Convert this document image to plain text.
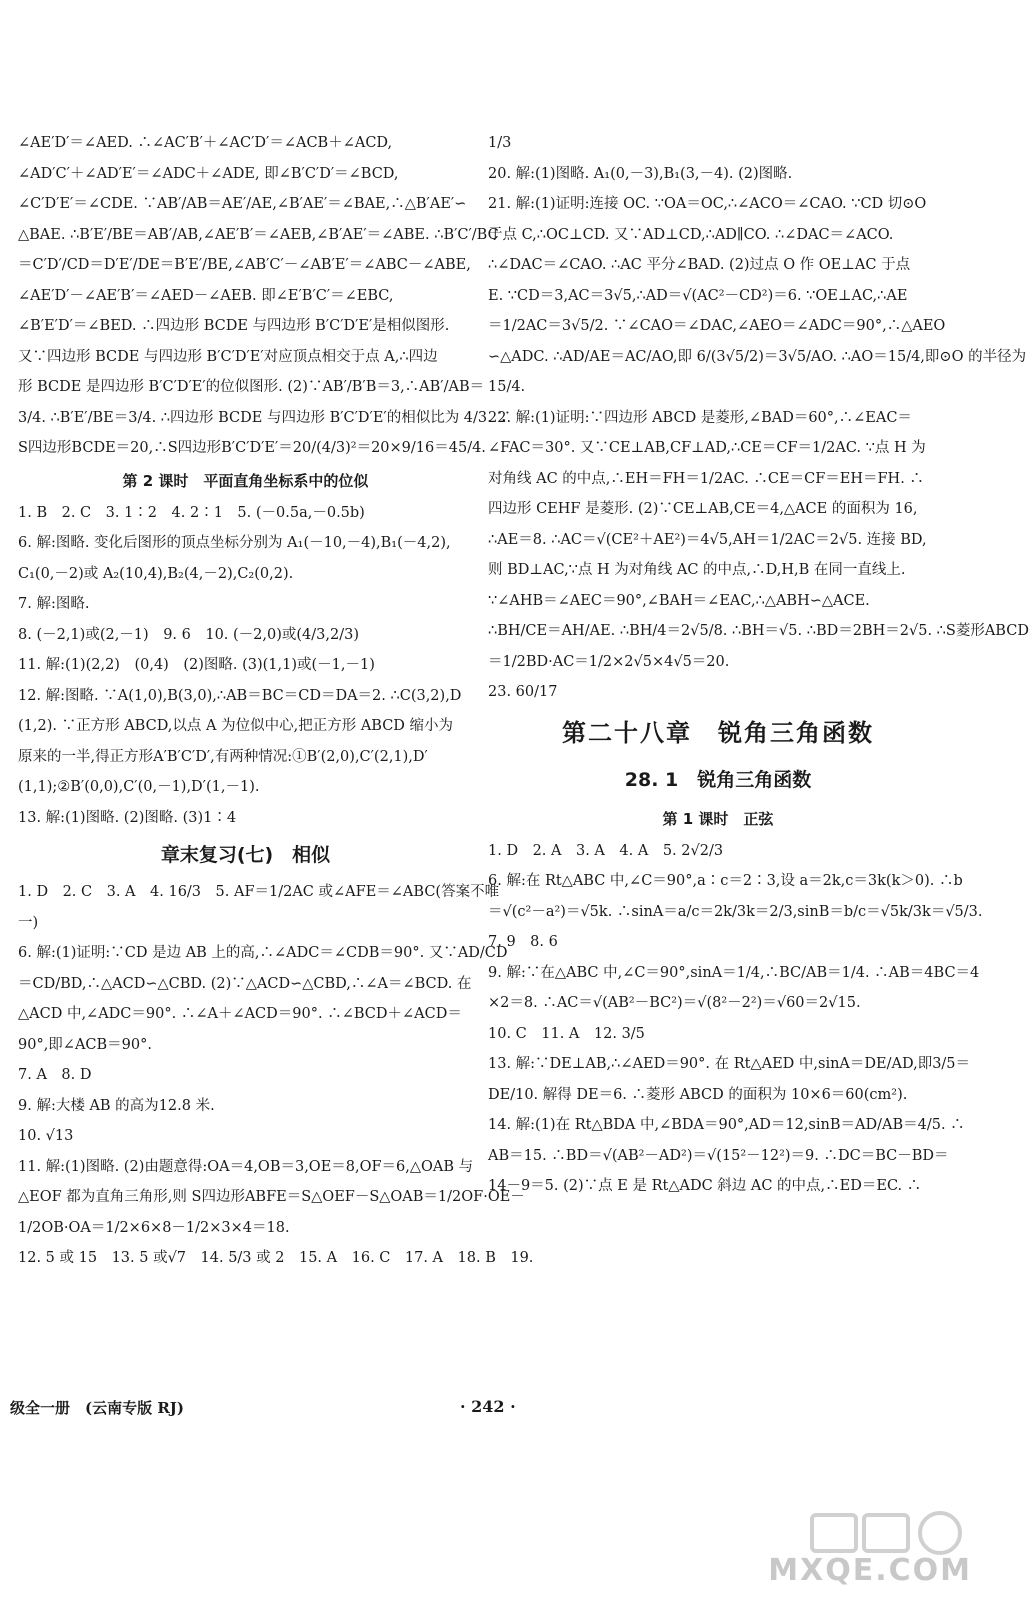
∠AE′D′＝∠AED. ∴∠AC′B′＋∠AC′D′＝∠ACB＋∠ACD,
∠AD′C′＋∠AD′E′＝∠ADC＋∠ADE, 即∠B′C′D′＝∠BCD,
∠C′D′E′＝∠CDE. ∵AB′/AB＝AE′/AE,∠B′AE′＝∠BAE,∴△B′AE′∽
△BAE. ∴B′E′/BE＝AB′/AB,∠AE′B′＝∠AEB,∠B′AE′＝∠ABE. ∴B′C′/BC
＝C′D′/CD＝D′E′/DE＝B′E′/BE,∠AB′C′－∠AB′E′＝∠ABC－∠ABE,
∠AE′D′－∠AE′B′＝∠AED－∠AEB. 即∠E′B′C′＝∠EBC,
∠B′E′D′＝∠BED. ∴四边形 BCDE 与四边形 B′C′D′E′是相似图形.
又∵四边形 BCDE 与四边形 B′C′D′E′对应顶点相交于点 A,∴四边
形 BCDE 是四边形 B′C′D′E′的位似图形. (2)∵AB′/B′B＝3,∴AB′/AB＝
3/4. ∴B′E′/BE＝3/4. ∴四边形 BCDE 与四边形 B′C′D′E′的相似比为 4/3. ∵
S四边形BCDE＝20,∴S四边形B′C′D′E′＝20/(4/3)²＝20×9/16＝45/4.
第 2 课时　平面直角坐标系中的位似
1. B　2. C　3. 1∶2　4. 2∶1　5. (－0.5a,－0.5b)
6. 解:图略. 变化后图形的顶点坐标分别为 A₁(－10,－4),B₁(－4,2),
C₁(0,－2)或 A₂(10,4),B₂(4,－2),C₂(0,2).
7. 解:图略.
8. (－2,1)或(2,－1)　9. 6　10. (－2,0)或(4/3,2/3)
11. 解:(1)(2,2)　(0,4)　(2)图略. (3)(1,1)或(－1,－1)
12. 解:图略. ∵A(1,0),B(3,0),∴AB＝BC＝CD＝DA＝2. ∴C(3,2),D
(1,2). ∵正方形 ABCD,以点 A 为位似中心,把正方形 ABCD 缩小为
原来的一半,得正方形A′B′C′D′,有两种情况:①B′(2,0),C′(2,1),D′
(1,1);②B′(0,0),C′(0,－1),D′(1,－1).
13. 解:(1)图略. (2)图略. (3)1∶4
章末复习(七)　相似
1. D　2. C　3. A　4. 16/3　5. AF＝1/2AC 或∠AFE＝∠ABC(答案不唯
一)
6. 解:(1)证明:∵CD 是边 AB 上的高,∴∠ADC＝∠CDB＝90°. 又∵AD/CD
＝CD/BD,∴△ACD∽△CBD. (2)∵△ACD∽△CBD,∴∠A＝∠BCD. 在
△ACD 中,∠ADC＝90°. ∴∠A＋∠ACD＝90°. ∴∠BCD＋∠ACD＝
90°,即∠ACB＝90°.
7. A　8. D
9. 解:大楼 AB 的高为12.8 米.
10. √13
11. 解:(1)图略. (2)由题意得:OA＝4,OB＝3,OE＝8,OF＝6,△OAB 与
△EOF 都为直角三角形,则 S四边形ABFE＝S△OEF－S△OAB＝1/2OF·OE－
1/2OB·OA＝1/2×6×8－1/2×3×4＝18.
12. 5 或 15　13. 5 或√7　14. 5/3 或 2　15. A　16. C　17. A　18. B　19.
1/3
20. 解:(1)图略. A₁(0,－3),B₁(3,－4). (2)图略.
21. 解:(1)证明:连接 OC. ∵OA＝OC,∴∠ACO＝∠CAO. ∵CD 切⊙O
于点 C,∴OC⊥CD. 又∵AD⊥CD,∴AD∥CO. ∴∠DAC＝∠ACO.
∴∠DAC＝∠CAO. ∴AC 平分∠BAD. (2)过点 O 作 OE⊥AC 于点
E. ∵CD＝3,AC＝3√5,∴AD＝√(AC²－CD²)＝6. ∵OE⊥AC,∴AE
＝1/2AC＝3√5/2. ∵∠CAO＝∠DAC,∠AEO＝∠ADC＝90°,∴△AEO
∽△ADC. ∴AD/AE＝AC/AO,即 6/(3√5/2)＝3√5/AO. ∴AO＝15/4,即⊙O 的半径为
15/4.
22. 解:(1)证明:∵四边形 ABCD 是菱形,∠BAD＝60°,∴∠EAC＝
∠FAC＝30°. 又∵CE⊥AB,CF⊥AD,∴CE＝CF＝1/2AC. ∵点 H 为
对角线 AC 的中点,∴EH＝FH＝1/2AC. ∴CE＝CF＝EH＝FH. ∴
四边形 CEHF 是菱形. (2)∵CE⊥AB,CE＝4,△ACE 的面积为 16,
∴AE＝8. ∴AC＝√(CE²＋AE²)＝4√5,AH＝1/2AC＝2√5. 连接 BD,
则 BD⊥AC,∵点 H 为对角线 AC 的中点,∴D,H,B 在同一直线上.
∵∠AHB＝∠AEC＝90°,∠BAH＝∠EAC,∴△ABH∽△ACE.
∴BH/CE＝AH/AE. ∴BH/4＝2√5/8. ∴BH＝√5. ∴BD＝2BH＝2√5. ∴S菱形ABCD
＝1/2BD·AC＝1/2×2√5×4√5＝20.
23. 60/17
第二十八章　锐角三角函数
28. 1　锐角三角函数
第 1 课时　正弦
1. D　2. A　3. A　4. A　5. 2√2/3
6. 解:在 Rt△ABC 中,∠C＝90°,a∶c＝2∶3,设 a＝2k,c＝3k(k＞0). ∴b
＝√(c²－a²)＝√5k. ∴sinA＝a/c＝2k/3k＝2/3,sinB＝b/c＝√5k/3k＝√5/3.
7. 9　8. 6
9. 解:∵在△ABC 中,∠C＝90°,sinA＝1/4,∴BC/AB＝1/4. ∴AB＝4BC＝4
×2＝8. ∴AC＝√(AB²－BC²)＝√(8²－2²)＝√60＝2√15.
10. C　11. A　12. 3/5
13. 解:∵DE⊥AB,∴∠AED＝90°. 在 Rt△AED 中,sinA＝DE/AD,即3/5＝
DE/10. 解得 DE＝6. ∴菱形 ABCD 的面积为 10×6＝60(cm²).
14. 解:(1)在 Rt△BDA 中,∠BDA＝90°,AD＝12,sinB＝AD/AB＝4/5. ∴
AB＝15. ∴BD＝√(AB²－AD²)＝√(15²－12²)＝9. ∴DC＝BC－BD＝
14－9＝5. (2)∵点 E 是 Rt△ADC 斜边 AC 的中点,∴ED＝EC. ∴
级全一册　(云南专版 RJ)	· 242 ·
MXQE.COM
